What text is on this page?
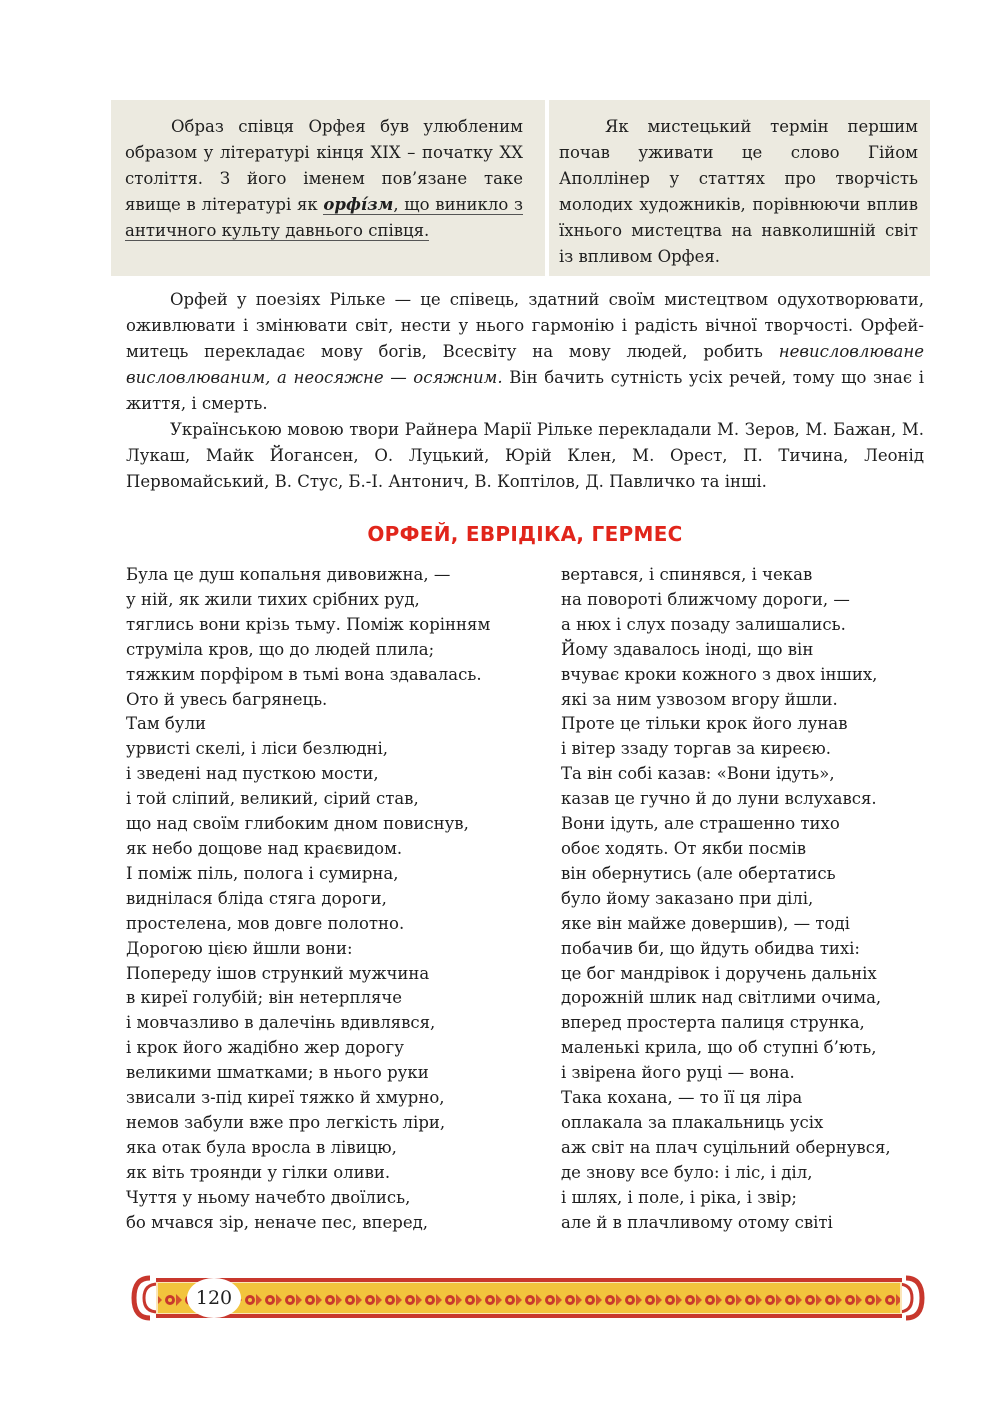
Образ співця Орфея був улюбленим образом у літературі кінця XIX – початку XX століття. З його іменем пов’язане таке явище в літературі як орфíзм, що виникло з античного культу давнього співця.

Як мистецький термін першим почав уживати це слово Гійом Аполлінер у статтях про творчість молодих художників, порівнюючи вплив їхнього мистецтва на навколишній світ із впливом Орфея.

Орфей у поезіях Рільке — це співець, здатний своїм мистецтвом одухотворювати, оживлювати і змінювати світ, нести у нього гармонію і радість вічної творчості. Орфей-митець перекладає мову богів, Всесвіту на мову людей, робить невисловлюване висловлюваним, а неосяжне — осяжним. Він бачить сутність усіх речей, тому що знає і життя, і смерть.

Українською мовою твори Райнера Марії Рільке перекладали М. Зеров, М. Бажан, М. Лукаш, Майк Йогансен, О. Луцький, Юрій Клен, М. Орест, П. Тичина, Леонід Первомайський, В. Стус, Б.-І. Антонич, В. Коптілов, Д. Павличко та інші.

ОРФЕЙ, ЕВРІДІКА, ГЕРМЕС
Була це душ копальня дивовижна, —
у ній, як жили тихих срібних руд,
тяглись вони крізь тьму. Поміж корінням
струміла кров, що до людей плила;
тяжким порфіром в тьмі вона здавалась.
Ото й увесь багрянець.
Там були
урвисті скелі, і ліси безлюдні,
і зведені над пусткою мости,
і той сліпий, великий, сірий став,
що над своїм глибоким дном повиснув,
як небо дощове над краєвидом.
І поміж піль, полога і сумирна,
виднілася бліда стяга дороги,
простелена, мов довге полотно.
Дорогою цією йшли вони:
Попереду ішов стрункий мужчина
в киреї голубій; він нетерпляче
і мовчазливо в далечінь вдивлявся,
і крок його жадібно жер дорогу
великими шматками; в нього руки
звисали з-під киреї тяжко й хмурно,
немов забули вже про легкість ліри,
яка отак була вросла в лівицю,
як віть троянди у гілки оливи.
Чуття у ньому начебто двоїлись,
бо мчався зір, неначе пес, вперед,
вертався, і спинявся, і чекав
на повороті ближчому дороги, —
а нюх і слух позаду залишались.
Йому здавалось іноді, що він
вчуває кроки кожного з двох інших,
які за ним узвозом вгору йшли.
Проте це тільки крок його лунав
і вітер ззаду торгав за киреєю.
Та він собі казав: «Вони ідуть»,
казав це гучно й до луни вслухався.
Вони ідуть, але страшенно тихо
обоє ходять. От якби посмів
він обернутись (але обертатись
було йому заказано при ділі,
яке він майже довершив), — тоді
побачив би, що йдуть обидва тихі:
це бог мандрівок і доручень дальніх
дорожній шлик над світлими очима,
вперед простерта палиця струнка,
маленькі крила, що об ступні б’ють,
і звірена його руці — вона.
Така кохана, — то її ця ліра
оплакала за плакальниць усіх
аж світ на плач суцільний обернувся,
де знову все було: і ліс, і діл,
і шлях, і поле, і ріка, і звір;
але й в плачливому отому світі
120
